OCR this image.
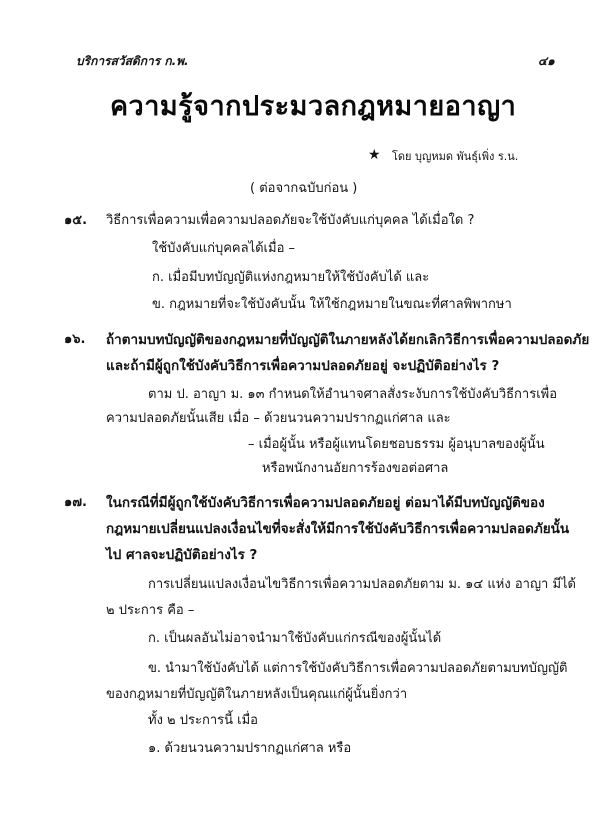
บริการสวัสดิการ ก.พ.	๔๑
ความรู้จากประมวลกฎหมายอาญา
★ โดย บุญหมด พันธุ์เพิ่ง ร.น.
( ต่อจากฉบับก่อน )
๑๕. วิธีการเพื่อความเพื่อความปลอดภัยจะใช้บังคับแก่บุคคล ได้เมื่อใด ?
ใช้บังคับแก่บุคคลได้เมื่อ –
ก. เมื่อมีบทบัญญัติแห่งกฎหมายให้ใช้บังคับได้ และ
ข. กฎหมายที่จะใช้บังคับนั้น ให้ใช้กฎหมายในขณะที่ศาลพิพากษา
๑๖. ถ้าตามบทบัญญัติของกฎหมายที่บัญญัติในภายหลังได้ยกเลิกวิธีการเพื่อความปลอดภัย
และถ้ามีผู้ถูกใช้บังคับวิธีการเพื่อความปลอดภัยอยู่ จะปฏิบัติอย่างไร ?
ตาม ป. อาญา ม. ๑๓ กำหนดให้อำนาจศาลสั่งระงับการใช้บังคับวิธีการเพื่อ
ความปลอดภัยนั้นเสีย เมื่อ – ด้วยนวนความปรากฏแก่ศาล และ
– เมื่อผู้นั้น หรือผู้แทนโดยชอบธรรม ผู้อนุบาลของผู้นั้น
หรือพนักงานอัยการร้องขอต่อศาล
๑๗. ในกรณีที่มีผู้ถูกใช้บังคับวิธีการเพื่อความปลอดภัยอยู่ ต่อมาได้มีบทบัญญัติของ
กฎหมายเปลี่ยนแปลงเงื่อนไขที่จะสั่งให้มีการใช้บังคับวิธีการเพื่อความปลอดภัยนั้น
ไป ศาลจะปฏิบัติอย่างไร ?
การเปลี่ยนแปลงเงื่อนไขวิธีการเพื่อความปลอดภัยตาม ม. ๑๔ แห่ง อาญา มีได้
๒ ประการ คือ –
ก. เป็นผลอันไม่อาจนำมาใช้บังคับแก่กรณีของผู้นั้นได้
ข. นำมาใช้บังคับได้ แต่การใช้บังคับวิธีการเพื่อความปลอดภัยตามบทบัญญัติ
ของกฎหมายที่บัญญัติในภายหลังเป็นคุณแก่ผู้นั้นยิ่งกว่า
ทั้ง ๒ ประการนี้ เมื่อ
๑. ด้วยนวนความปรากฏแก่ศาล หรือ
